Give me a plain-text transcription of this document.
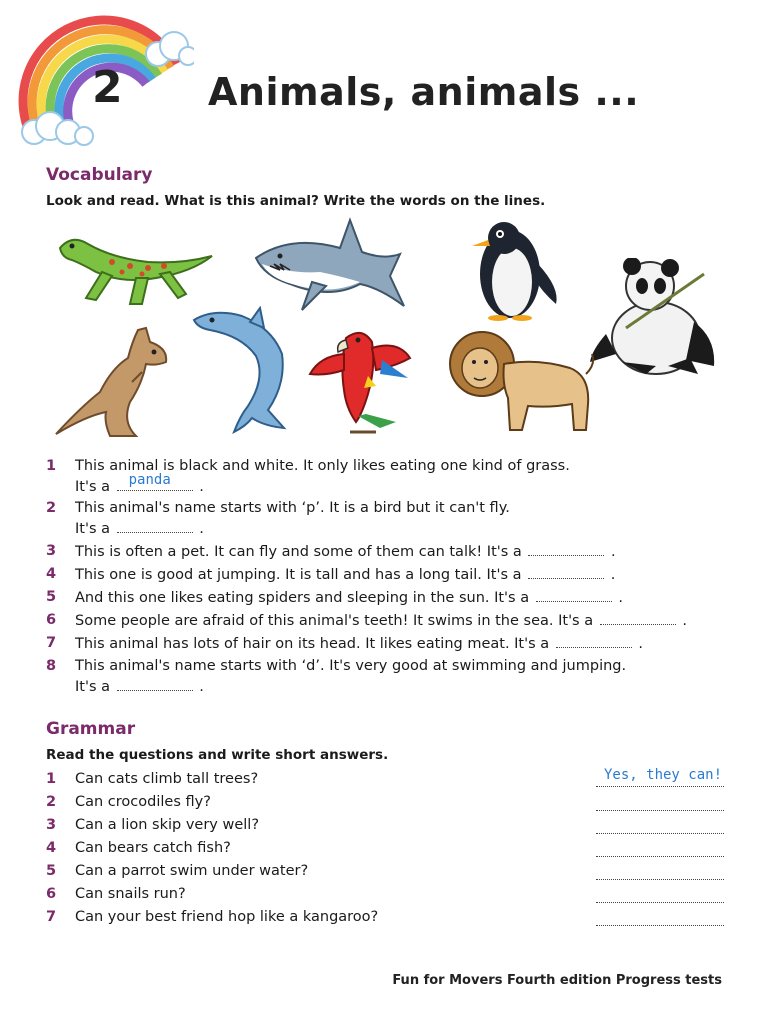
2 Animals, animals ...
Vocabulary
Look and read. What is this animal? Write the words on the lines.
1	This animal is black and white. It only likes eating one kind of grass.
It's a panda .
2	This animal's name starts with ‘p’. It is a bird but it can't fly.
It's a	.
3	This is often a pet. It can fly and some of them can talk! It's a	.
4	This one is good at jumping. It is tall and has a long tail. It's a	.
5	And this one likes eating spiders and sleeping in the sun. It's a	.
6	Some people are afraid of this animal's teeth! It swims in the sea. It's a	.
7	This animal has lots of hair on its head. It likes eating meat. It's a	.
8	This animal's name starts with ‘d’. It's very good at swimming and jumping.
It's a	.
Grammar
Read the questions and write short answers.
1	Can cats climb tall trees?
2	Can crocodiles fly?
3	Can a lion skip very well?
4	Can bears catch fish?
5	Can a parrot swim under water?
6	Can snails run?
7	Can your best friend hop like a kangaroo?
Yes, they can!
Fun for Movers Fourth edition Progress tests
